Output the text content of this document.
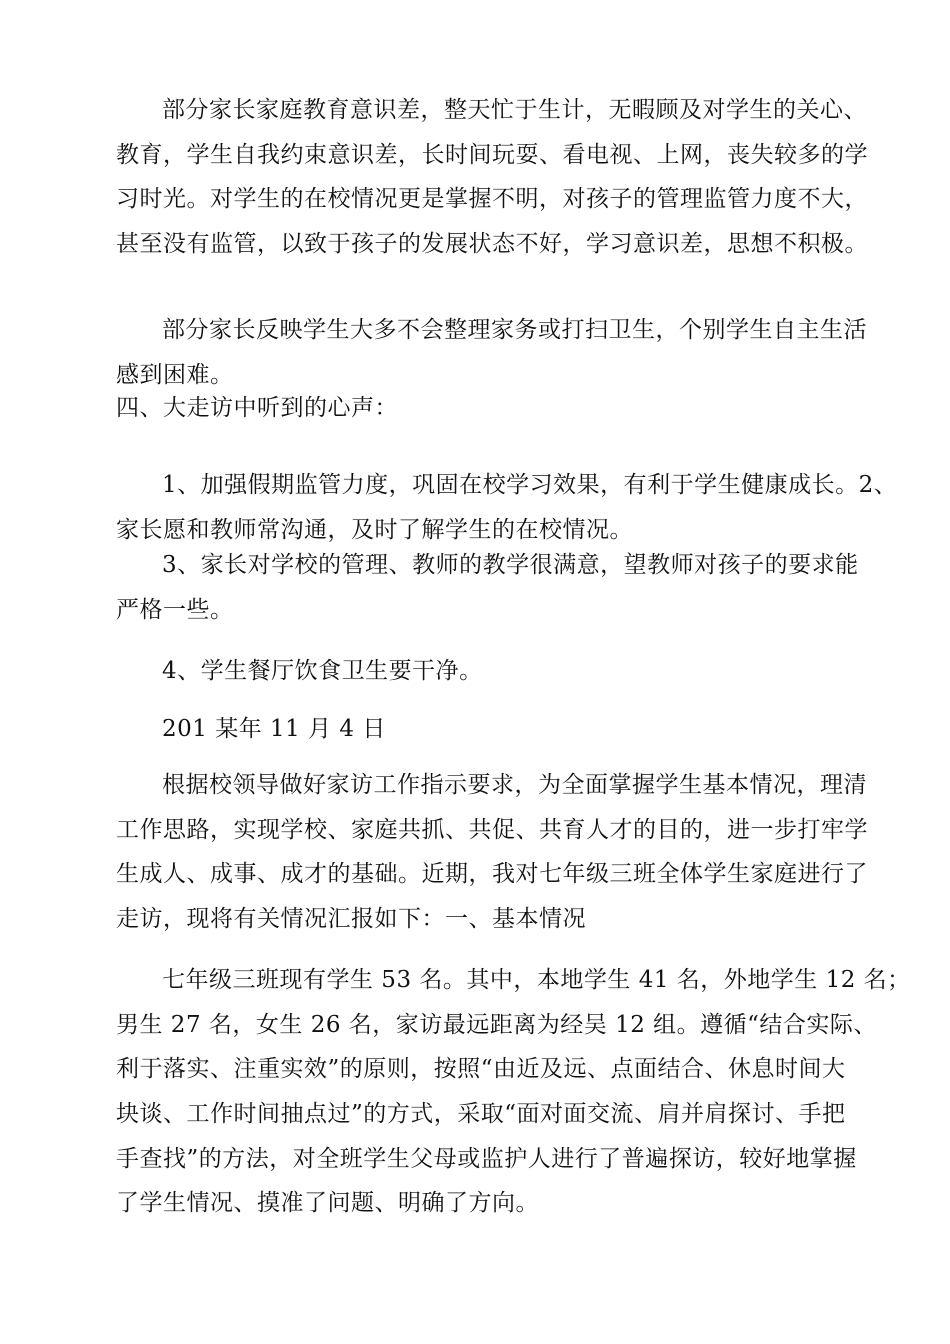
部分家长家庭教育意识差，整天忙于生计，无暇顾及对学生的关心、
教育，学生自我约束意识差，长时间玩耍、看电视、上网，丧失较多的学
习时光。对学生的在校情况更是掌握不明，对孩子的管理监管力度不大，
甚至没有监管，以致于孩子的发展状态不好，学习意识差，思想不积极。
部分家长反映学生大多不会整理家务或打扫卫生，个别学生自主生活
感到困难。
四、大走访中听到的心声：
1、加强假期监管力度，巩固在校学习效果，有利于学生健康成长。2、
家长愿和教师常沟通，及时了解学生的在校情况。
3、家长对学校的管理、教师的教学很满意，望教师对孩子的要求能
严格一些。
4、学生餐厅饮食卫生要干净。
201 某年 11 月 4 日
根据校领导做好家访工作指示要求，为全面掌握学生基本情况，理清
工作思路，实现学校、家庭共抓、共促、共育人才的目的，进一步打牢学
生成人、成事、成才的基础。近期，我对七年级三班全体学生家庭进行了
走访，现将有关情况汇报如下：一、基本情况
七年级三班现有学生 53 名。其中，本地学生 41 名，外地学生 12 名；
男生 27 名，女生 26 名，家访最远距离为经吴 12 组。遵循“结合实际、
利于落实、注重实效”的原则，按照“由近及远、点面结合、休息时间大
块谈、工作时间抽点过”的方式，采取“面对面交流、肩并肩探讨、手把
手查找”的方法，对全班学生父母或监护人进行了普遍探访，较好地掌握
了学生情况、摸准了问题、明确了方向。
